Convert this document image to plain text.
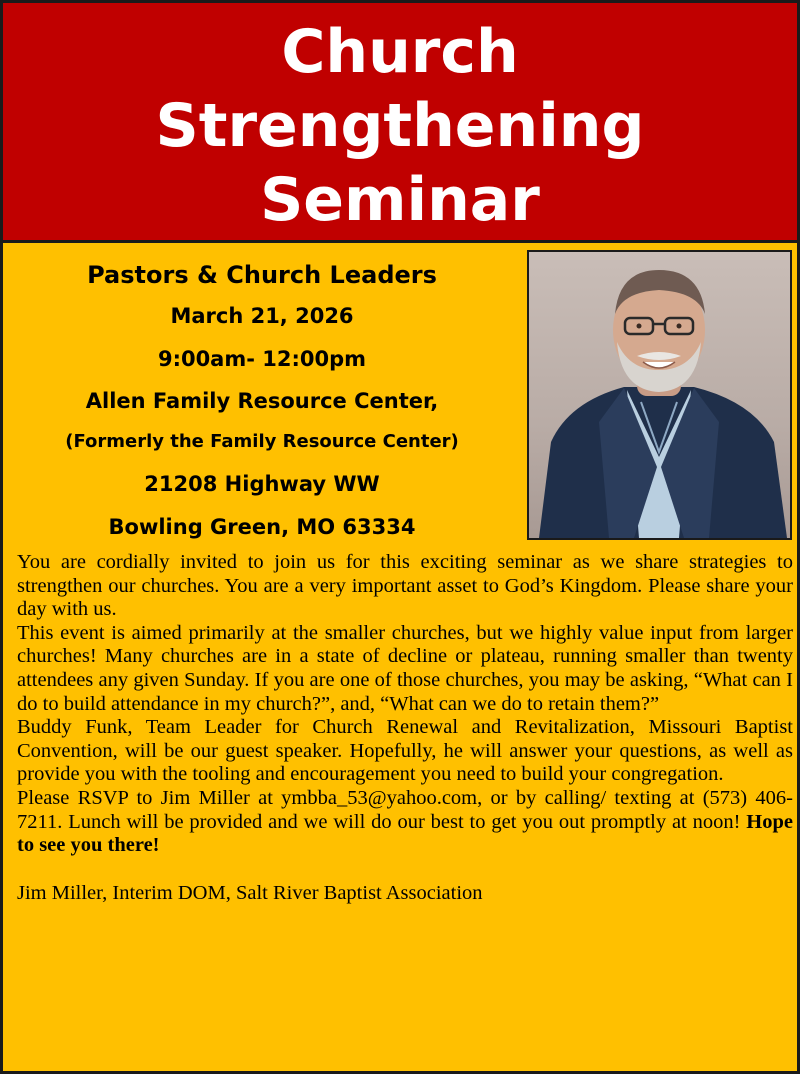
Church
Strengthening
Seminar
Pastors & Church Leaders
March 21, 2026
9:00am- 12:00pm
Allen Family Resource Center,
(Formerly the Family Resource Center)
21208 Highway WW
Bowling Green, MO 63334

You are cordially invited to join us for this exciting seminar as we share strategies to strengthen our churches. You are a very important asset to God’s Kingdom. Please share your day with us.

This event is aimed primarily at the smaller churches, but we highly value input from larger churches! Many churches are in a state of decline or plateau, running smaller than twenty attendees any given Sunday. If you are one of those churches, you may be asking, “What can I do to build attendance in my church?”, and, “What can we do to retain them?”

Buddy Funk, Team Leader for Church Renewal and Revitalization, Missouri Baptist Convention, will be our guest speaker. Hopefully, he will answer your questions, as well as provide you with the tooling and encouragement you need to build your congregation.

Please RSVP to Jim Miller at ymbba_53@yahoo.com, or by calling/ texting at (573) 406-7211. Lunch will be provided and we will do our best to get you out promptly at noon! Hope to see you there!

Jim Miller, Interim DOM, Salt River Baptist Association
